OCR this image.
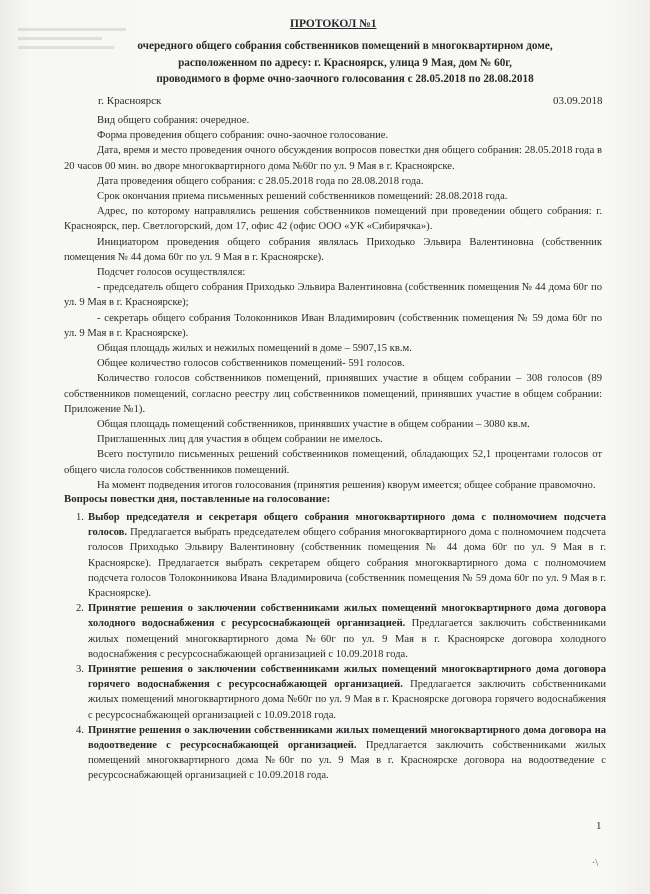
ПРОТОКОЛ №1
очередного общего собрания собственников помещений в многоквартирном доме,
расположенном по адресу: г. Красноярск, улица 9 Мая, дом № 60г,
проводимого в форме очно-заочного голосования с 28.05.2018 по 28.08.2018
г. Красноярск	03.09.2018

Вид общего собрания: очередное.

Форма проведения общего собрания: очно-заочное голосование.

Дата, время и место проведения очного обсуждения вопросов повестки дня общего собрания: 28.05.2018 года в 20 часов 00 мин. во дворе многоквартирного дома №60г по ул. 9 Мая в г. Красноярске.

Дата проведения общего собрания: с 28.05.2018 года по 28.08.2018 года.

Срок окончания приема письменных решений собственников помещений: 28.08.2018 года.

Адрес, по которому направлялись решения собственников помещений при проведении общего собрания: г. Красноярск, пер. Светлогорский, дом 17, офис 42 (офис ООО «УК «Сибирячка»).

Инициатором проведения общего собрания являлась Приходько Эльвира Валентиновна (собственник помещения № 44 дома 60г по ул. 9 Мая в г. Красноярске).

Подсчет голосов осуществлялся:

- председатель общего собрания Приходько Эльвира Валентиновна (собственник помещения № 44 дома 60г по ул. 9 Мая в г. Красноярске);

- секретарь общего собрания Толоконников Иван Владимирович (собственник помещения № 59 дома 60г по ул. 9 Мая в г. Красноярске).

Общая площадь жилых и нежилых помещений в доме – 5907,15 кв.м.

Общее количество голосов собственников помещений- 591 голосов.

Количество голосов собственников помещений, принявших участие в общем собрании – 308 голосов (89 собственников помещений, согласно реестру лиц собственников помещений, принявших участие в общем собрании: Приложение №1).

Общая площадь помещений собственников, принявших участие в общем собрании – 3080 кв.м.

Приглашенных лиц для участия в общем собрании не имелось.

Всего поступило письменных решений собственников помещений, обладающих 52,1 процентами голосов от общего числа голосов собственников помещений.

На момент подведения итогов голосования (принятия решения) кворум имеется; общее собрание правомочно.

Вопросы повестки дня, поставленные на голосование:
1. Выбор председателя и секретаря общего собрания многоквартирного дома с полномочием подсчета голосов. Предлагается выбрать председателем общего собрания многоквартирного дома с полномочием подсчета голосов Приходько Эльвиру Валентиновну (собственник помещения № 44 дома 60г по ул. 9 Мая в г. Красноярске). Предлагается выбрать секретарем общего собрания многоквартирного дома с полномочием подсчета голосов Толоконникова Ивана Владимировича (собственник помещения № 59 дома 60г по ул. 9 Мая в г. Красноярске).
2. Принятие решения о заключении собственниками жилых помещений многоквартирного дома договора холодного водоснабжения с ресурсоснабжающей организацией. Предлагается заключить собственниками жилых помещений многоквартирного дома №60г по ул. 9 Мая в г. Красноярске договора холодного водоснабжения с ресурсоснабжающей организацией с 10.09.2018 года.
3. Принятие решения о заключении собственниками жилых помещений многоквартирного дома договора горячего водоснабжения с ресурсоснабжающей организацией. Предлагается заключить собственниками жилых помещений многоквартирного дома №60г по ул. 9 Мая в г. Красноярске договора горячего водоснабжения с ресурсоснабжающей организацией с 10.09.2018 года.
4. Принятие решения о заключении собственниками жилых помещений многоквартирного дома договора на водоотведение с ресурсоснабжающей организацией. Предлагается заключить собственниками жилых помещений многоквартирного дома №60г по ул. 9 Мая в г. Красноярске договора на водоотведение с ресурсоснабжающей организацией с 10.09.2018 года.
1
·\
